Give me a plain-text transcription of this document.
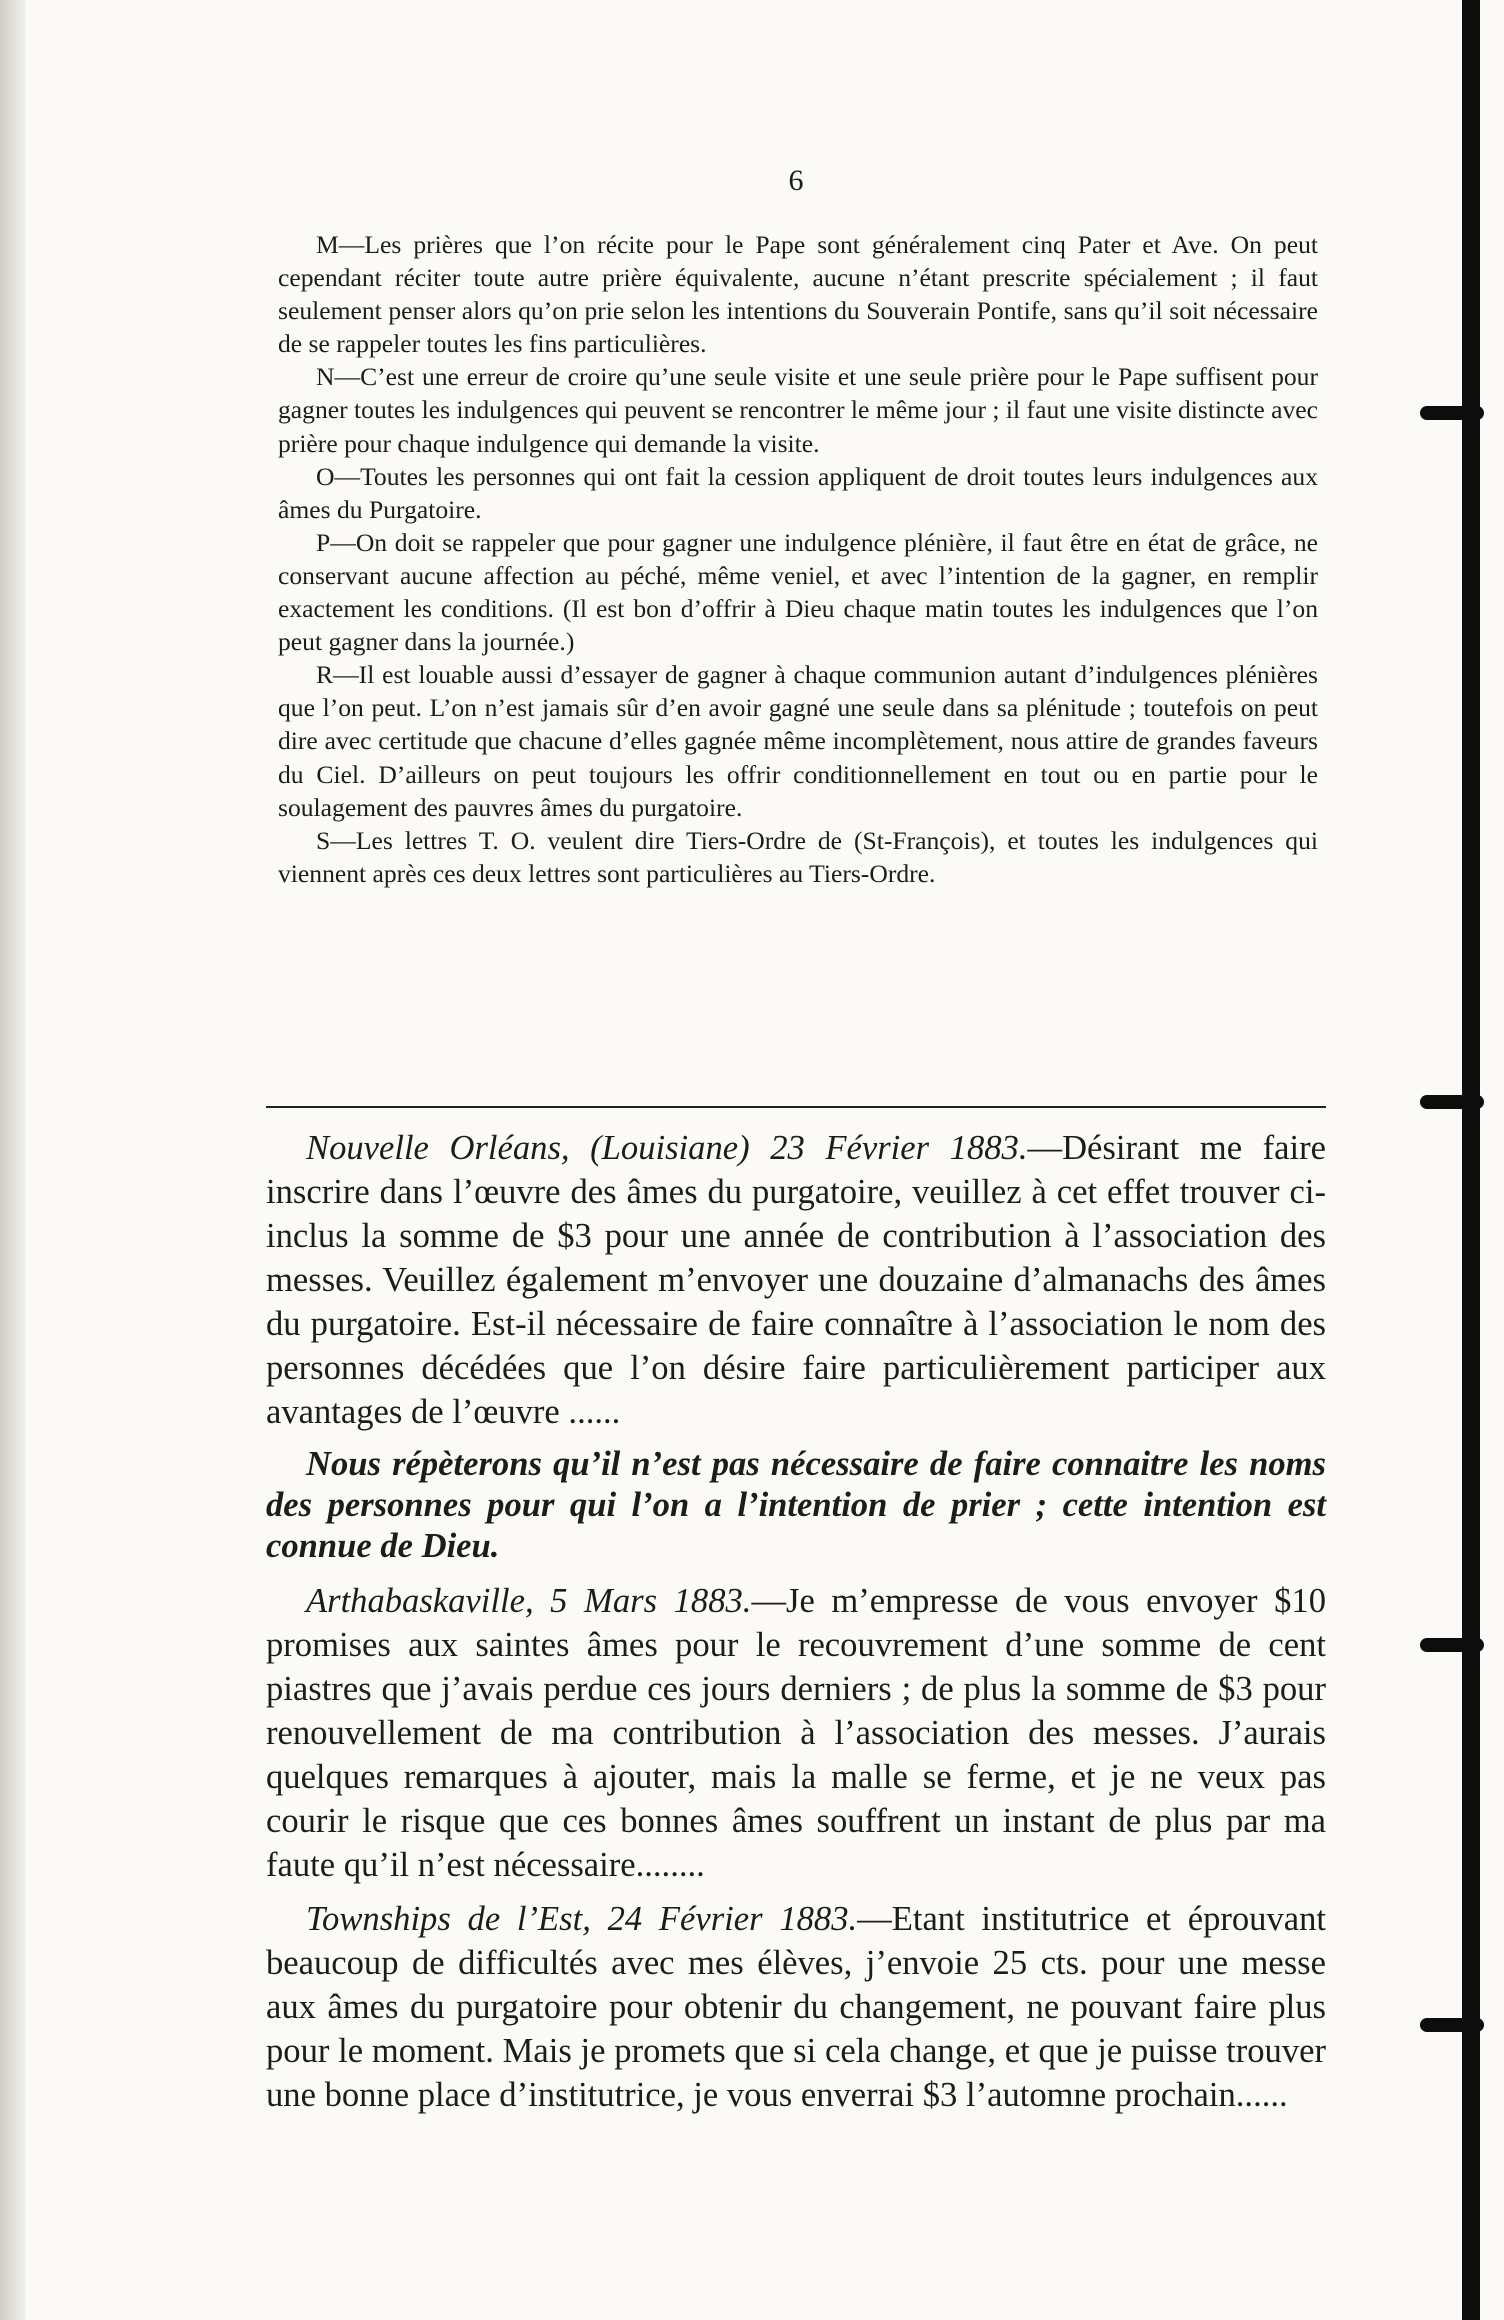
6

M—Les prières que l’on récite pour le Pape sont généralement cinq Pater et Ave. On peut cependant réciter toute autre prière équivalente, aucune n’étant prescrite spécialement ; il faut seulement penser alors qu’on prie selon les intentions du Souverain Pontife, sans qu’il soit nécessaire de se rappeler toutes les fins particulières.

N—C’est une erreur de croire qu’une seule visite et une seule prière pour le Pape suffisent pour gagner toutes les indulgences qui peuvent se rencontrer le même jour ; il faut une visite distincte avec prière pour chaque indulgence qui demande la visite.

O—Toutes les personnes qui ont fait la cession appliquent de droit toutes leurs indulgences aux âmes du Purgatoire.

P—On doit se rappeler que pour gagner une indulgence plénière, il faut être en état de grâce, ne conservant aucune affection au péché, même veniel, et avec l’intention de la gagner, en remplir exactement les conditions. (Il est bon d’offrir à Dieu chaque matin toutes les indulgences que l’on peut gagner dans la journée.)

R—Il est louable aussi d’essayer de gagner à chaque communion autant d’indulgences plénières que l’on peut. L’on n’est jamais sûr d’en avoir gagné une seule dans sa plénitude ; toutefois on peut dire avec certitude que chacune d’elles gagnée même incomplètement, nous attire de grandes faveurs du Ciel. D’ailleurs on peut toujours les offrir conditionnellement en tout ou en partie pour le soulagement des pauvres âmes du purgatoire.

S—Les lettres T. O. veulent dire Tiers-Ordre de (St-François), et toutes les indulgences qui viennent après ces deux lettres sont particulières au Tiers-Ordre.

Nouvelle Orléans, (Louisiane) 23 Février 1883.—Désirant me faire inscrire dans l’œuvre des âmes du purgatoire, veuillez à cet effet trouver ci-inclus la somme de $3 pour une année de contribution à l’association des messes. Veuillez également m’envoyer une douzaine d’almanachs des âmes du purgatoire. Est-il nécessaire de faire connaître à l’association le nom des personnes décédées que l’on désire faire particulièrement participer aux avantages de l’œuvre ......

Nous répèterons qu’il n’est pas nécessaire de faire connaitre les noms des personnes pour qui l’on a l’intention de prier ; cette intention est connue de Dieu.

Arthabaskaville, 5 Mars 1883.—Je m’empresse de vous envoyer $10 promises aux saintes âmes pour le recouvrement d’une somme de cent piastres que j’avais perdue ces jours derniers ; de plus la somme de $3 pour renouvellement de ma contribution à l’association des messes. J’aurais quelques remarques à ajouter, mais la malle se ferme, et je ne veux pas courir le risque que ces bonnes âmes souffrent un instant de plus par ma faute qu’il n’est nécessaire........

Townships de l’Est, 24 Février 1883.—Etant institutrice et éprouvant beaucoup de difficultés avec mes élèves, j’envoie 25 cts. pour une messe aux âmes du purgatoire pour obtenir du changement, ne pouvant faire plus pour le moment. Mais je promets que si cela change, et que je puisse trouver une bonne place d’institutrice, je vous enverrai $3 l’automne prochain......
